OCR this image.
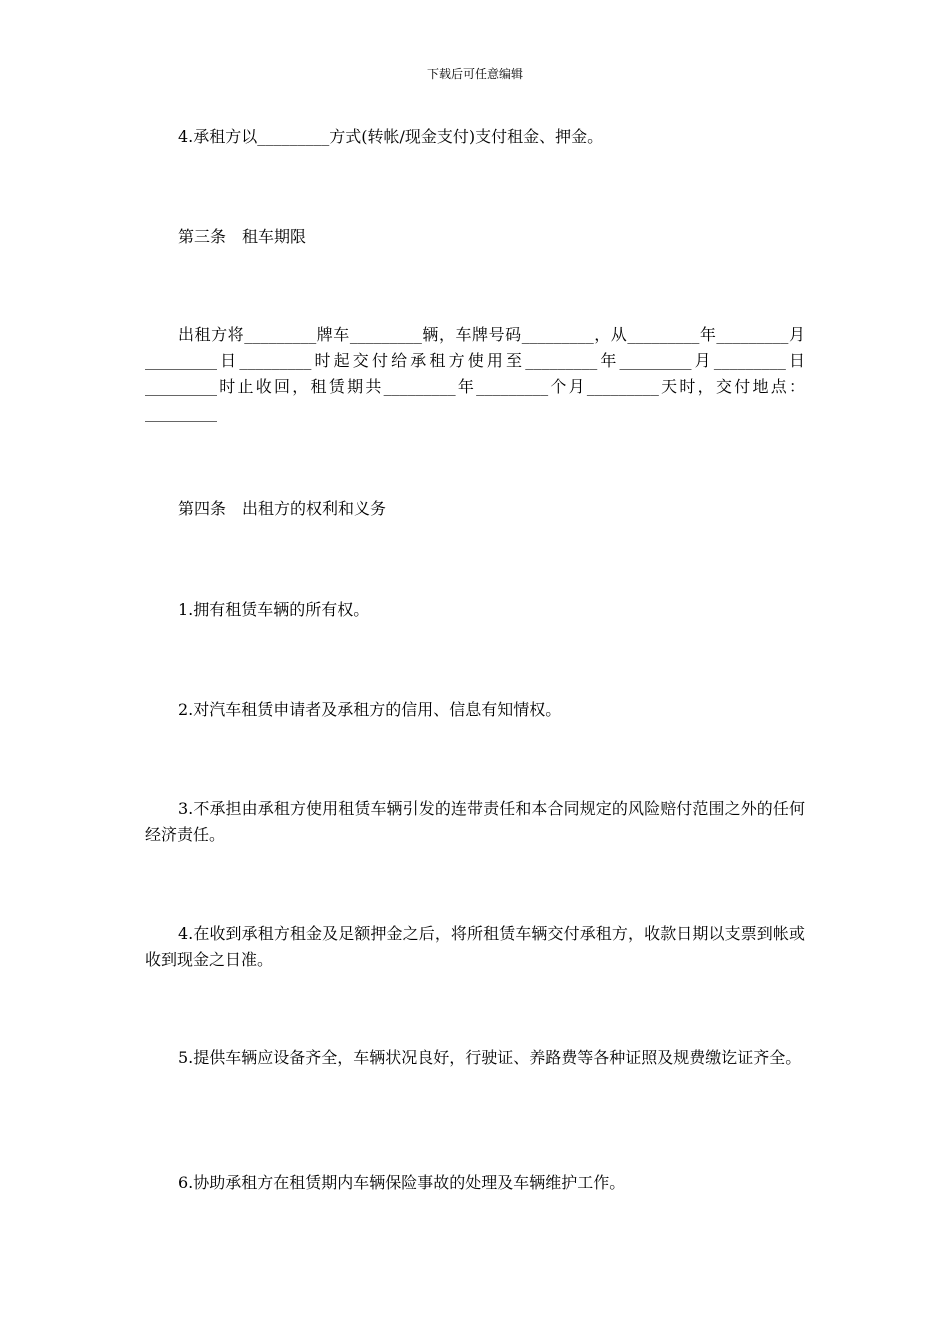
下载后可任意编辑

4.承租方以_________方式(转帐/现金支付)支付租金、押金。

第三条　租车期限

出租方将_________牌车_________辆，车牌号码_________，从_________年_________月_________日_________时起交付给承租方使用至_________年_________月_________日_________时止收回，租赁期共_________年_________个月_________天时，交付地点：_________

第四条　出租方的权利和义务

1.拥有租赁车辆的所有权。

2.对汽车租赁申请者及承租方的信用、信息有知情权。

3.不承担由承租方使用租赁车辆引发的连带责任和本合同规定的风险赔付范围之外的任何经济责任。

4.在收到承租方租金及足额押金之后，将所租赁车辆交付承租方，收款日期以支票到帐或收到现金之日准。

5.提供车辆应设备齐全，车辆状况良好，行驶证、养路费等各种证照及规费缴讫证齐全。

6.协助承租方在租赁期内车辆保险事故的处理及车辆维护工作。
